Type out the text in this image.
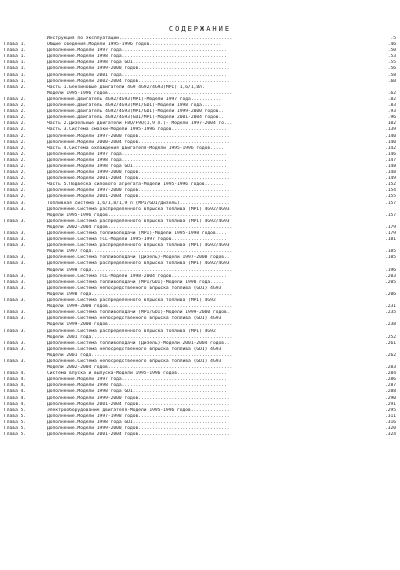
СОДЕРЖАНИЕ
Инструкция по эксплуатации.........................................	.5
Глава 1.	Общие сведения.Модели 1995-1996 годов..........................	.46
Глава 1.	Дополнение.Модели 1997 года......................................	.50
Глава 1.	Дополнение.Модели 1998 года......................................	.53
Глава 1.	Дополнение.Модели 1998 года GDI..................................	.55
Глава 1.	Дополнение.Модели 1999-2000 годов.................................	.56
Глава 1.	Дополнение.Модели 2001 года......................................	.58
Глава 1.	Дополнение.Модели 2002-2004 годов.................................	.60
Глава 2.	Часть 1.Бензиновые двигатели 4G9 4G92/4G93(MPI) 1,6/1,8л.
Модели 1995-1996 годов.............................................	.62
Глава 2.	Дополнение.Двигатель 4G92/4G93(MPI)-Модели 1997 года...........	.82
Глава 2.	Дополнение.Двигатель 4G92/4G93(MPI/GDI)-Модели 1998 года.......	.83
Глава 2.	Дополнение.Двигатель 4G92/4G93(MPI/GDI)-Модели 1999-2000 годов..	.93
Глава 2.	Дополнение.Двигатель 4G92/4G93(GDI/MPI)-Модели 2001-2004 годов..	.96
Глава 2.	Часть 2.Дизельные двигатели F8Q/F9Q(1,9 л.)- Модели 1997-2004 го...	102
Глава 2.	Часть 3.Система смазки-Модели 1995-1996 годов....................	.139
Глава 2.	Дополнение.Модели 1997-2000 годов.................................	.140
Глава 2.	Дополнение.Модели 2000-2004 годов.................................	.140
Глава 2.	Часть 4.Система охлаждения двигателя-Модели 1995-1996 годов.....	.142
Глава 2.	Дополнение.Модели 1997 года......................................	.146
Глава 2.	Дополнение.Модели 1998 года......................................	.147
Глава 2.	Дополнение.Модели 1998 года GDI..................................	.148
Глава 2.	Дополнение.Модели 1999-2000 годов.................................	.148
Глава 2.	Дополнение.Модели 2001-2004 годов.................................	.149
Глава 2.	Часть 5.Подвеска силового агрегата-Модели 1995-1996 годов.......	.152
Глава 2.	Дополнение.Модели 1997-2000 годов.................................	.154
Глава 2.	Дополнение.Модели 2001-2004 годов.................................	.155
Глава 3.	Топливная система 1,6/1,8/1,9 л (MPI/GDI/Дизель)..................	.157
Глава 3.	Дополнение.Система распределенного впрыска топлива (MPI) 4G92/4G93
Модели 1995-1996 годов.............................................	.157
Глава 3.	Дополнение.Система распределенного впрыска топлива (MPI) 4G92/4G93
Модели 2002-2004 годов.............................................	.179
Глава 3.	Дополнение.Система топливоподачи (MPI)-Модели 1995-1998 годов....	.179
Глава 3.	Дополнение.Система TCL-Модели 1995-1997 годов....................	.181
Глава 3.	Дополнение.Система распределенного впрыска топлива (MPI) 4G92/4G93
Модели 1997 года...................................................	.185
Глава 3.	Дополнение.Система топливоподачи (Дизель)-Модели 1997-2000 годов..	.185
Глава 3.	Дополнение.Система распределенного впрыска топлива (MPI) 4G92/4G93
Модели 1998 года...................................................	.196
Глава 3.	Дополнение.Система TCL-Модели 1998-2004 годов....................	.203
Глава 3.	Дополнение.Система топливоподачи (MPI/GDI)-Модели 1998 года.....	.205
Глава 3.	Дополнение.Система непосредственного впрыска топлива (GDI) 4G93
Модели 1998 года...................................................	.206
Глава 3.	Дополнение.Система распределенного впрыска топлива (MPI) 4G92
Модели 1999-2000 годов.............................................	.231
Глава 3.	Дополнение.Система топливоподачи (MPI/GDI)-Модели 1999-2000 годов.	.235
Глава 3.	Дополнение.Система непосредственного впрыска топлива (GDI) 4G93
Модели 1999-2000 годов.............................................	.238
Глава 3.	Дополнение.Система распределенного впрыска топлива (MPI) 4G92
Модели 2001 года...................................................	.252
Глава 3.	Дополнение.Система топливоподачи (Дизель)-Модели 2001-2004 годов..	.261
Глава 3.	Дополнение.Система непосредственного впрыска топлива (GDI) 4G93
Модели 2001 года...................................................	.262
Глава 3.	Дополнение.Система непосредственного впрыска топлива (GDI) 4G93
Модели 2002-2004 годов.............................................	.283
Глава 4.	Система впуска и выпуска-Модели 1995-1996 годов..................	.284
Глава 4.	Дополнение.Модели 1997 года......................................	.286
Глава 4.	Дополнение.Модели 1998 года......................................	.287
Глава 4.	Дополнение.Модели 1998 года GDI..................................	.288
Глава 4.	Дополнение.Модели 1999-2000 годов.................................	.290
Глава 4.	Дополнение.Модели 2001-2004 годов.................................	.291
Глава 5.	Электрооборудование двигателя-Модели 1995-1996 годов..............	.295
Глава 5.	Дополнение.Модели 1997-1998 годов.................................	.311
Глава 5.	Дополнение.Модели 1998 года GDI..................................	.316
Глава 5.	Дополнение.Модели 1999-2000 годов.................................	.320
Глава 5.	Дополнение.Модели 2001-2004 годов.................................	.324
